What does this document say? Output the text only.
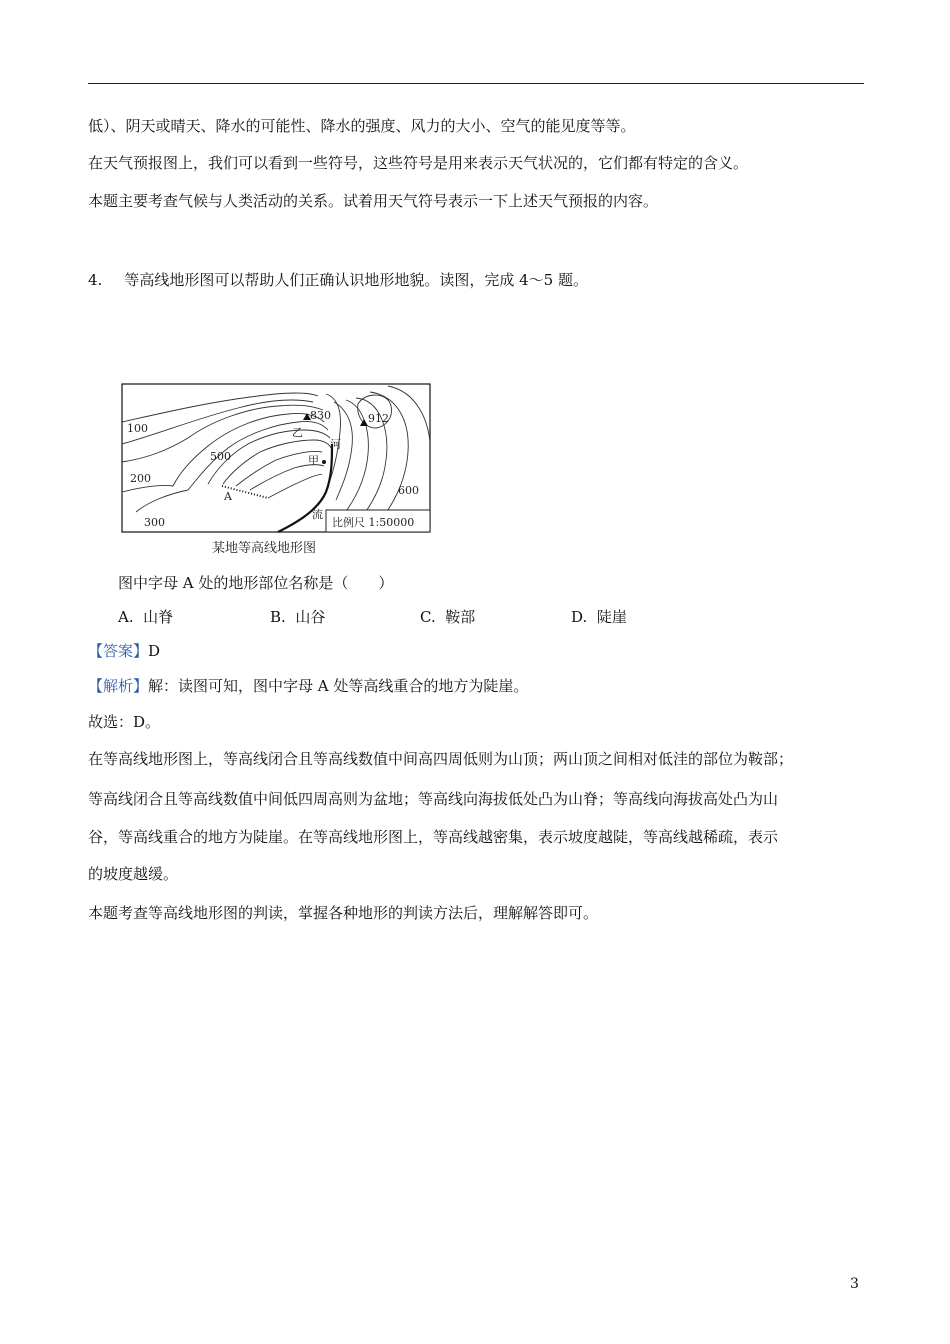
低）、阴天或晴天、降水的可能性、降水的强度、风力的大小、空气的能见度等等。
在天气预报图上，我们可以看到一些符号，这些符号是用来表示天气状况的，它们都有特定的含义。
本题主要考查气候与人类活动的关系。试着用天气符号表示一下上述天气预报的内容。
4. 等高线地形图可以帮助人们正确认识地形地貌。读图，完成 4～5 题。
100
200
300
500
600
830	912
乙
甲
河
流
A
比例尺 1:50000
某地等高线地形图
图中字母 A 处的地形部位名称是（　　）
A. 山脊	B. 山谷	C. 鞍部	D. 陡崖
【答案】D
【解析】解：读图可知，图中字母 A 处等高线重合的地方为陡崖。
故选：D。
在等高线地形图上，等高线闭合且等高线数值中间高四周低则为山顶；两山顶之间相对低洼的部位为鞍部；
等高线闭合且等高线数值中间低四周高则为盆地；等高线向海拔低处凸为山脊；等高线向海拔高处凸为山
谷，等高线重合的地方为陡崖。在等高线地形图上，等高线越密集，表示坡度越陡，等高线越稀疏，表示
的坡度越缓。
本题考查等高线地形图的判读，掌握各种地形的判读方法后，理解解答即可。
3
